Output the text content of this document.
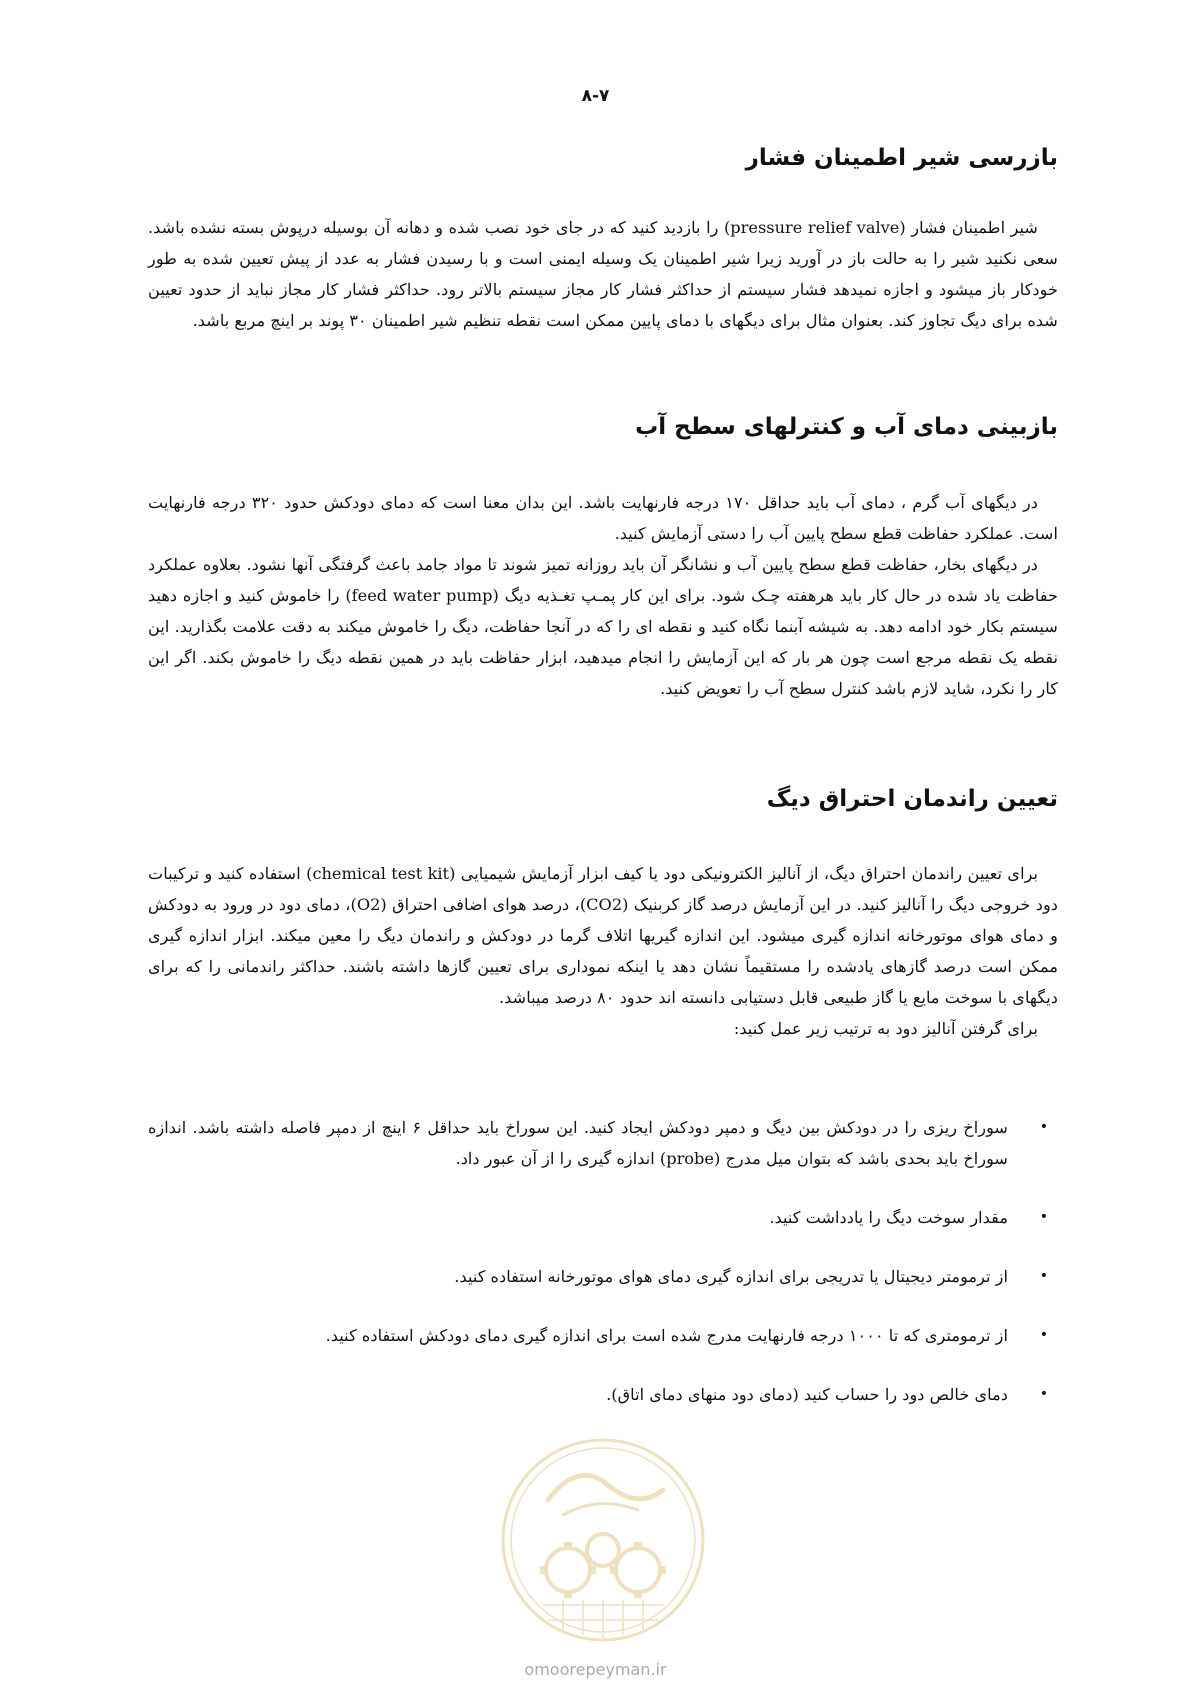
۸-۷
بازرسی شیر اطمینان فشار

شیر اطمینان فشار (pressure relief valve) را بازدید کنید که در جای خود نصب شده و دهانه آن بوسیله درپوش بسته نشده باشد. سعی نکنید شیر را به حالت باز در آورید زیرا شیر اطمینان یک وسیله ایمنی است و با رسیدن فشار به عدد از پیش تعیین شده به طور خودکار باز میشود و اجازه نمیدهد فشار سیستم از حداکثر فشار کار مجاز سیستم بالاتر رود. حداکثر فشار کار مجاز نباید از حدود تعیین شده برای دیگ تجاوز کند. بعنوان مثال برای دیگهای با دمای پایین ممکن است نقطه تنظیم شیر اطمینان ۳۰ پوند بر اینچ مربع باشد.

بازبینی دمای آب و کنترلهای سطح آب

در دیگهای آب گرم ، دمای آب باید حداقل ۱۷۰ درجه فارنهایت باشد. این بدان معنا است که دمای دودکش حدود ۳۲۰ درجه فارنهایت است. عملکرد حفاظت قطع سطح پایین آب را دستی آزمایش کنید.

در دیگهای بخار، حفاظت قطع سطح پایین آب و نشانگر آن باید روزانه تمیز شوند تا مواد جامد باعث گرفتگی آنها نشود. بعلاوه عملکرد حفاظت یاد شده در حال کار باید هرهفته چـک شود. برای این کار پمـپ تغـذیه دیگ (feed water pump) را خاموش کنید و اجازه دهید سیستم بکار خود ادامه دهد. به شیشه آبنما نگاه کنید و نقطه ای را که در آنجا حفاظت، دیگ را خاموش میکند به دقت علامت بگذارید. این نقطه یک نقطه مرجع است چون هر بار که این آزمایش را انجام میدهید، ابزار حفاظت باید در همین نقطه دیگ را خاموش بکند. اگر این کار را نکرد، شاید لازم باشد کنترل سطح آب را تعویض کنید.

تعیین راندمان احتراق دیگ

برای تعیین راندمان احتراق دیگ، از آنالیز الکترونیکی دود یا کیف ابزار آزمایش شیمیایی (chemical test kit) استفاده کنید و ترکیبات دود خروجی دیگ را آنالیز کنید. در این آزمایش درصد گاز کربنیک (CO2)، درصد هوای اضافی احتراق (O2)، دمای دود در ورود به دودکش و دمای هوای موتورخانه اندازه گیری میشود. این اندازه گیریها اتلاف گرما در دودکش و راندمان دیگ را معین میکند. ابزار اندازه گیری ممکن است درصد گازهای یادشده را مستقیماً نشان دهد یا اینکه نمودار‌ی برای تعیین گازها داشته باشند. حداکثر راندمانی را که برای دیگهای با سوخت مایع یا گاز طبیعی قابل دستیابی دانسته اند حدود ۸۰ درصد میباشد.

برای گرفتن آنالیز دود به ترتیب زیر عمل کنید:
•
سوراخ ریزی را در دودکش بین دیگ و دمپر دودکش ایجاد کنید. این سوراخ باید حداقل ۶ اینچ از دمپر فاصله داشته باشد. اندازه سوراخ باید بحدی باشد که بتوان میل مدرج (probe) اندازه گیری را از آن عبور داد.
•
مقدار سوخت دیگ را یادداشت کنید.
•
از ترمومتر دیجیتال یا تدریجی برای اندازه گیری دمای هوای موتورخانه استفاده کنید.
•
از ترمومتری که تا ۱۰۰۰ درجه فارنهایت مدرج شده است برای اندازه گیری دمای دودکش استفاده کنید.
•
دمای خالص دود را حساب کنید (دمای دود منهای دمای اتاق).
omoorepeyman.ir
